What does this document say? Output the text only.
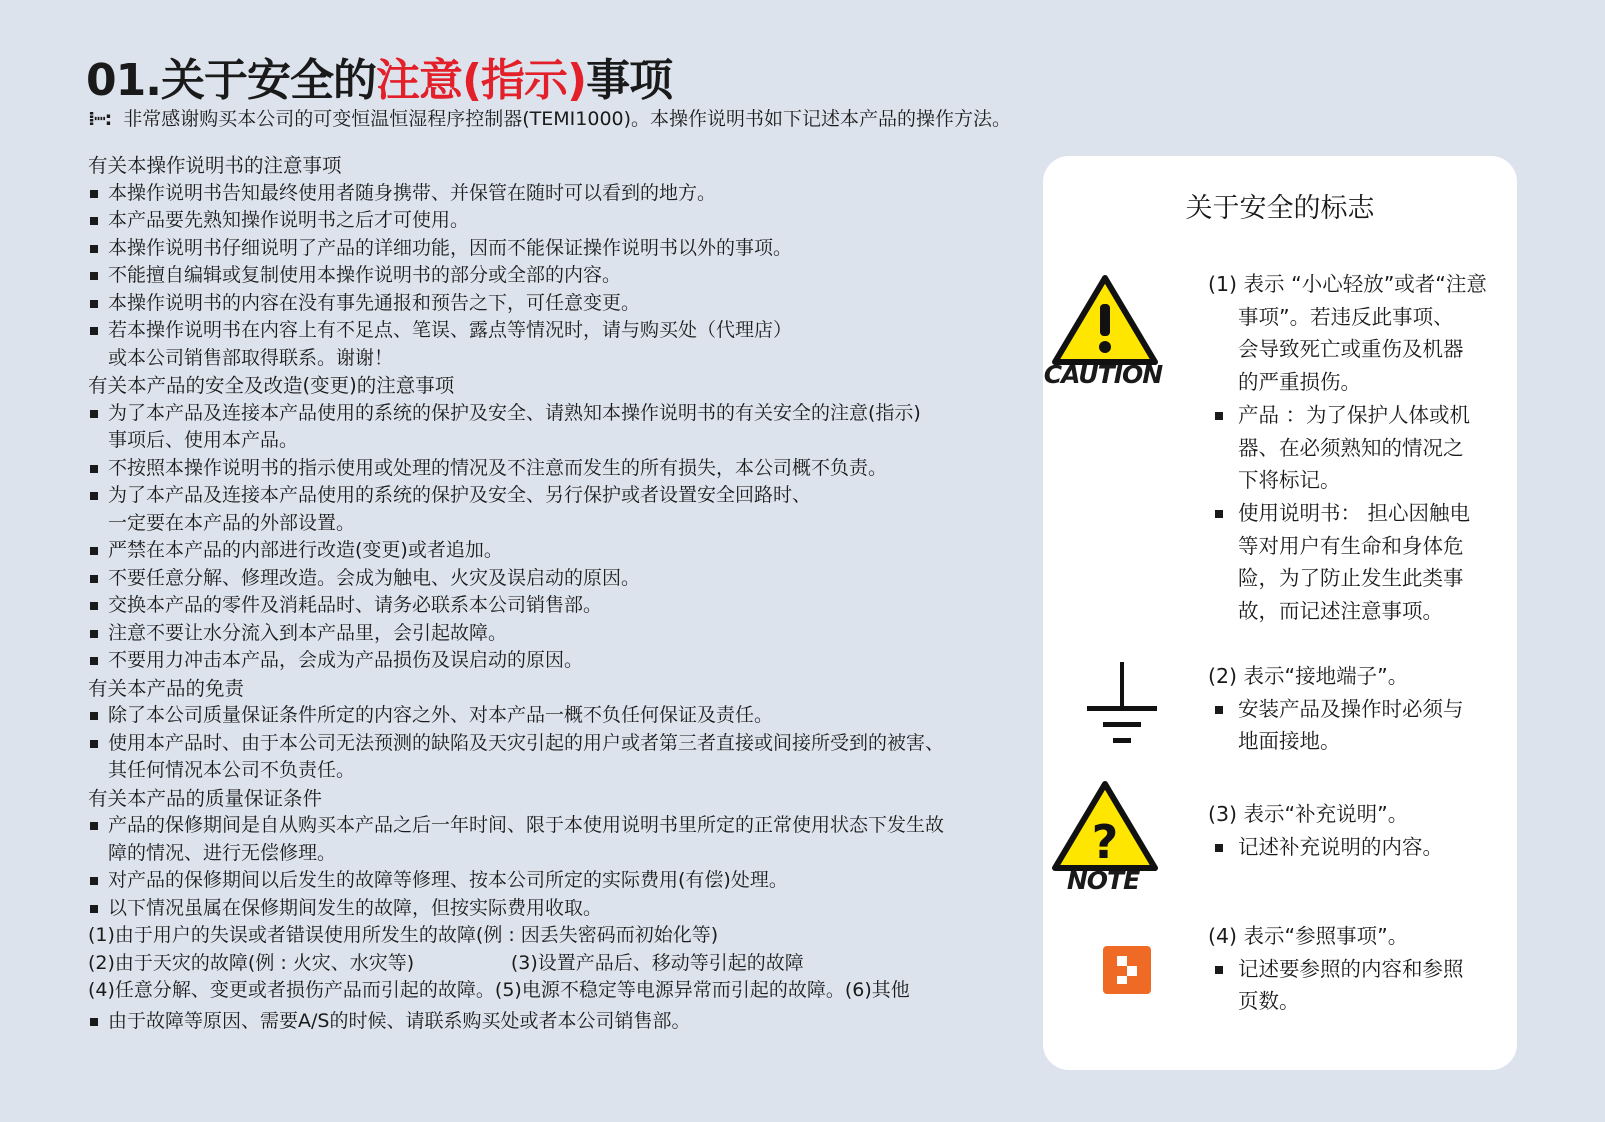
01.关于安全的注意(指示)事项
⁞┉: 非常感谢购买本公司的可变恒温恒湿程序控制器(TEMI1000)。本操作说明书如下记述本产品的操作方法。
有关本操作说明书的注意事项
本操作说明书告知最终使用者随身携带、并保管在随时可以看到的地方。
本产品要先熟知操作说明书之后才可使用。
本操作说明书仔细说明了产品的详细功能，因而不能保证操作说明书以外的事项。
不能擅自编辑或复制使用本操作说明书的部分或全部的内容。
本操作说明书的内容在没有事先通报和预告之下，可任意变更。
若本操作说明书在内容上有不足点、笔误、露点等情况时，请与购买处（代理店）
或本公司销售部取得联系。谢谢！
有关本产品的安全及改造(变更)的注意事项
为了本产品及连接本产品使用的系统的保护及安全、请熟知本操作说明书的有关安全的注意(指示)
事项后、使用本产品。
不按照本操作说明书的指示使用或处理的情况及不注意而发生的所有损失，本公司概不负责。
为了本产品及连接本产品使用的系统的保护及安全、另行保护或者设置安全回路时、
一定要在本产品的外部设置。
严禁在本产品的内部进行改造(变更)或者追加。
不要任意分解、修理改造。会成为触电、火灾及误启动的原因。
交换本产品的零件及消耗品时、请务必联系本公司销售部。
注意不要让水分流入到本产品里，会引起故障。
不要用力冲击本产品，会成为产品损伤及误启动的原因。
有关本产品的免责
除了本公司质量保证条件所定的内容之外、对本产品一概不负任何保证及责任。
使用本产品时、由于本公司无法预测的缺陷及天灾引起的用户或者第三者直接或间接所受到的被害、
其任何情况本公司不负责任。
有关本产品的质量保证条件
产品的保修期间是自从购买本产品之后一年时间、限于本使用说明书里所定的正常使用状态下发生故
障的情况、进行无偿修理。
对产品的保修期间以后发生的故障等修理、按本公司所定的实际费用(有偿)处理。
以下情况虽属在保修期间发生的故障，但按实际费用收取。
(1)由于用户的失误或者错误使用所发生的故障(例 : 因丢失密码而初始化等)
(2)由于天灾的故障(例 : 火灾、水灾等)                (3)设置产品后、移动等引起的故障
(4)任意分解、变更或者损伤产品而引起的故障。(5)电源不稳定等电源异常而引起的故障。(6)其他
由于故障等原因、需要A/S的时候、请联系购买处或者本公司销售部。
关于安全的标志
CAUTION
(1) 表示 “小心轻放”或者“注意
事项”。若违反此事项、
会导致死亡或重伤及机器
的严重损伤。
产品 ：为了保护人体或机
器、在必须熟知的情况之
下将标记。
使用说明书： 担心因触电
等对用户有生命和身体危
险，为了防止发生此类事
故，而记述注意事项。
(2) 表示“接地端子”。
安装产品及操作时必须与
地面接地。
?
NOTE
(3) 表示“补充说明”。
记述补充说明的内容。
(4) 表示“参照事项”。
记述要参照的内容和参照
页数。
